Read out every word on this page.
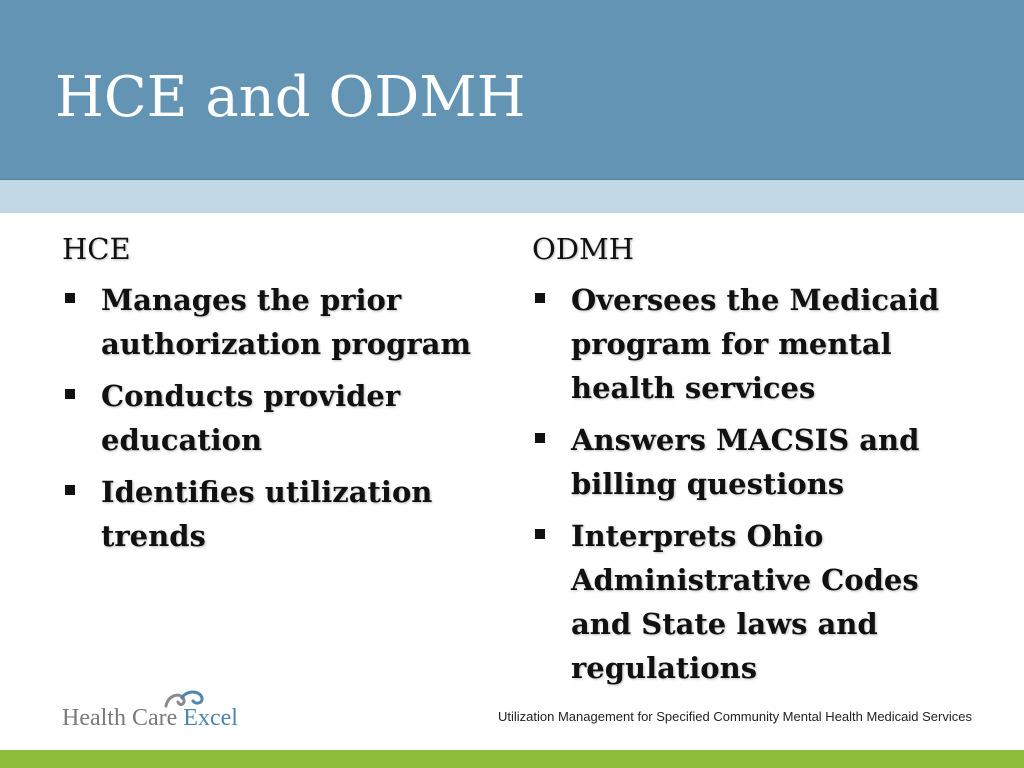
HCE and ODMH
HCE
Manages the prior authorization program
Conducts provider education
Identifies utilization trends
ODMH
Oversees the Medicaid program for mental health services
Answers MACSIS and billing questions
Interprets Ohio Administrative Codes and State laws and regulations
Health Care Excel	Utilization Management for Specified Community Mental Health Medicaid Services
